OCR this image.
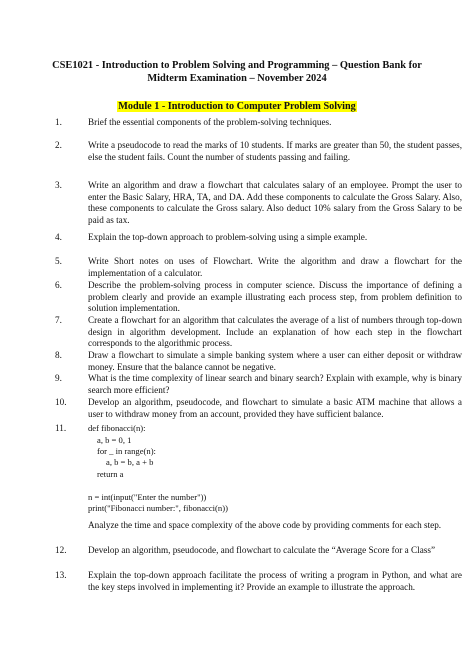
CSE1021 - Introduction to Problem Solving and Programming – Question Bank for
Midterm Examination – November 2024
Module 1 - Introduction to Computer Problem Solving
1.	Brief the essential components of the problem-solving techniques.
2.	Write a pseudocode to read the marks of 10 students. If marks are greater than 50, the student passes, else the student fails. Count the number of students passing and failing.
3.	Write an algorithm and draw a flowchart that calculates salary of an employee. Prompt the user to enter the Basic Salary, HRA, TA, and DA. Add these components to calculate the Gross Salary. Also, these components to calculate the Gross salary. Also deduct 10% salary from the Gross Salary to be paid as tax.
4.	Explain the top-down approach to problem-solving using a simple example.
5.	Write Short notes on uses of Flowchart. Write the algorithm and draw a flowchart for the implementation of a calculator.
6.	Describe the problem-solving process in computer science. Discuss the importance of defining a problem clearly and provide an example illustrating each process step, from problem definition to solution implementation.
7.	Create a flowchart for an algorithm that calculates the average of a list of numbers through top-down design in algorithm development. Include an explanation of how each step in the flowchart corresponds to the algorithmic process.
8.	Draw a flowchart to simulate a simple banking system where a user can either deposit or withdraw money. Ensure that the balance cannot be negative.
9.	What is the time complexity of linear search and binary search? Explain with example, why is binary search more efficient?
10. Develop an algorithm, pseudocode, and flowchart to simulate a basic ATM machine that allows a user to withdraw money from an account, provided they have sufficient balance.
11.	def fibonacci(n):
a, b = 0, 1
for _ in range(n):
a, b = b, a + b
return a
n = int(input("Enter the number"))
print("Fibonacci number:", fibonacci(n))
Analyze the time and space complexity of the above code by providing comments for each step.
12. Develop an algorithm, pseudocode, and flowchart to calculate the “Average Score for a Class”
13. Explain the top-down approach facilitate the process of writing a program in Python, and what are the key steps involved in implementing it? Provide an example to illustrate the approach.
